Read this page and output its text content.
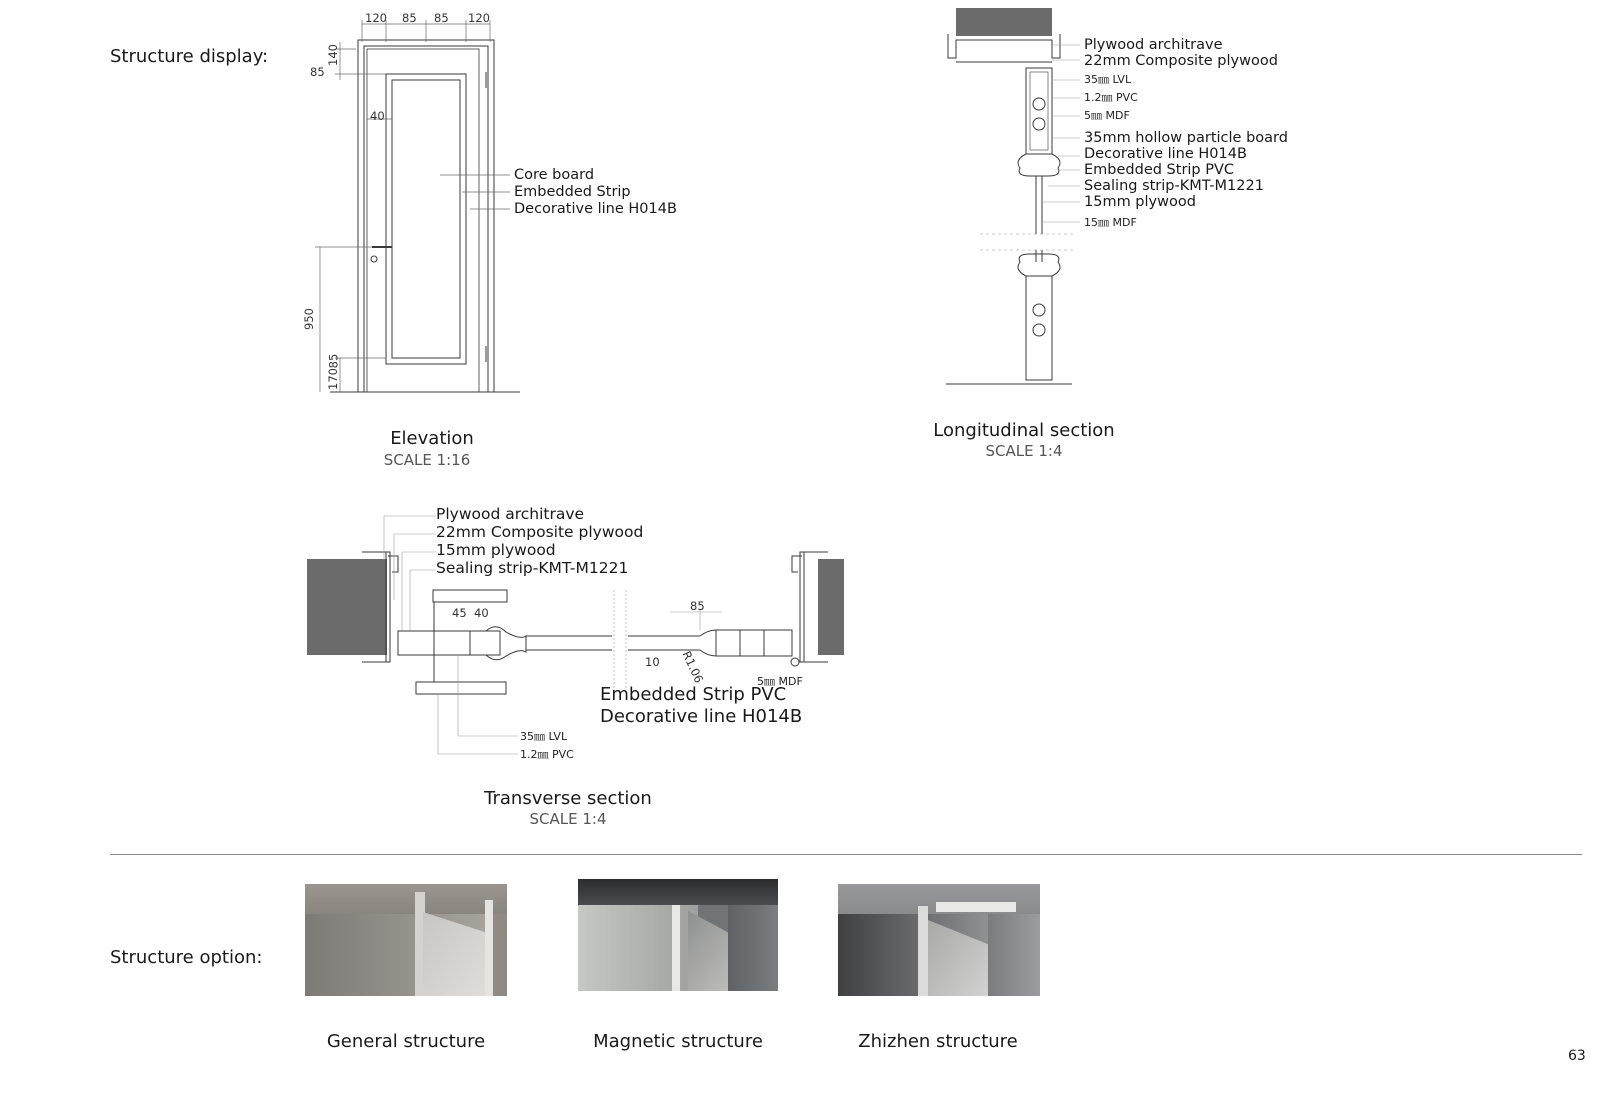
Structure display:
Structure option:
63
120 85 85 120
140
85
40
950
170
85
Core board
Embedded Strip
Decorative line H014B
Elevation
SCALE 1:16
Plywood architrave
22mm Composite plywood
35㎜ LVL
1.2㎜ PVC
5㎜ MDF
35mm hollow particle board
Decorative line H014B
Embedded Strip PVC
Sealing strip-KMT-M1221
15mm plywood
15㎜ MDF
Longitudinal section
SCALE 1:4
Plywood architrave
22mm Composite plywood
15mm plywood
Sealing strip-KMT-M1221
45 40	85
10 R1.06	5㎜ MDF
Embedded Strip PVC
Decorative line H014B
35㎜ LVL
1.2㎜ PVC
Transverse section
SCALE 1:4
General structure	Magnetic structure	Zhizhen structure
